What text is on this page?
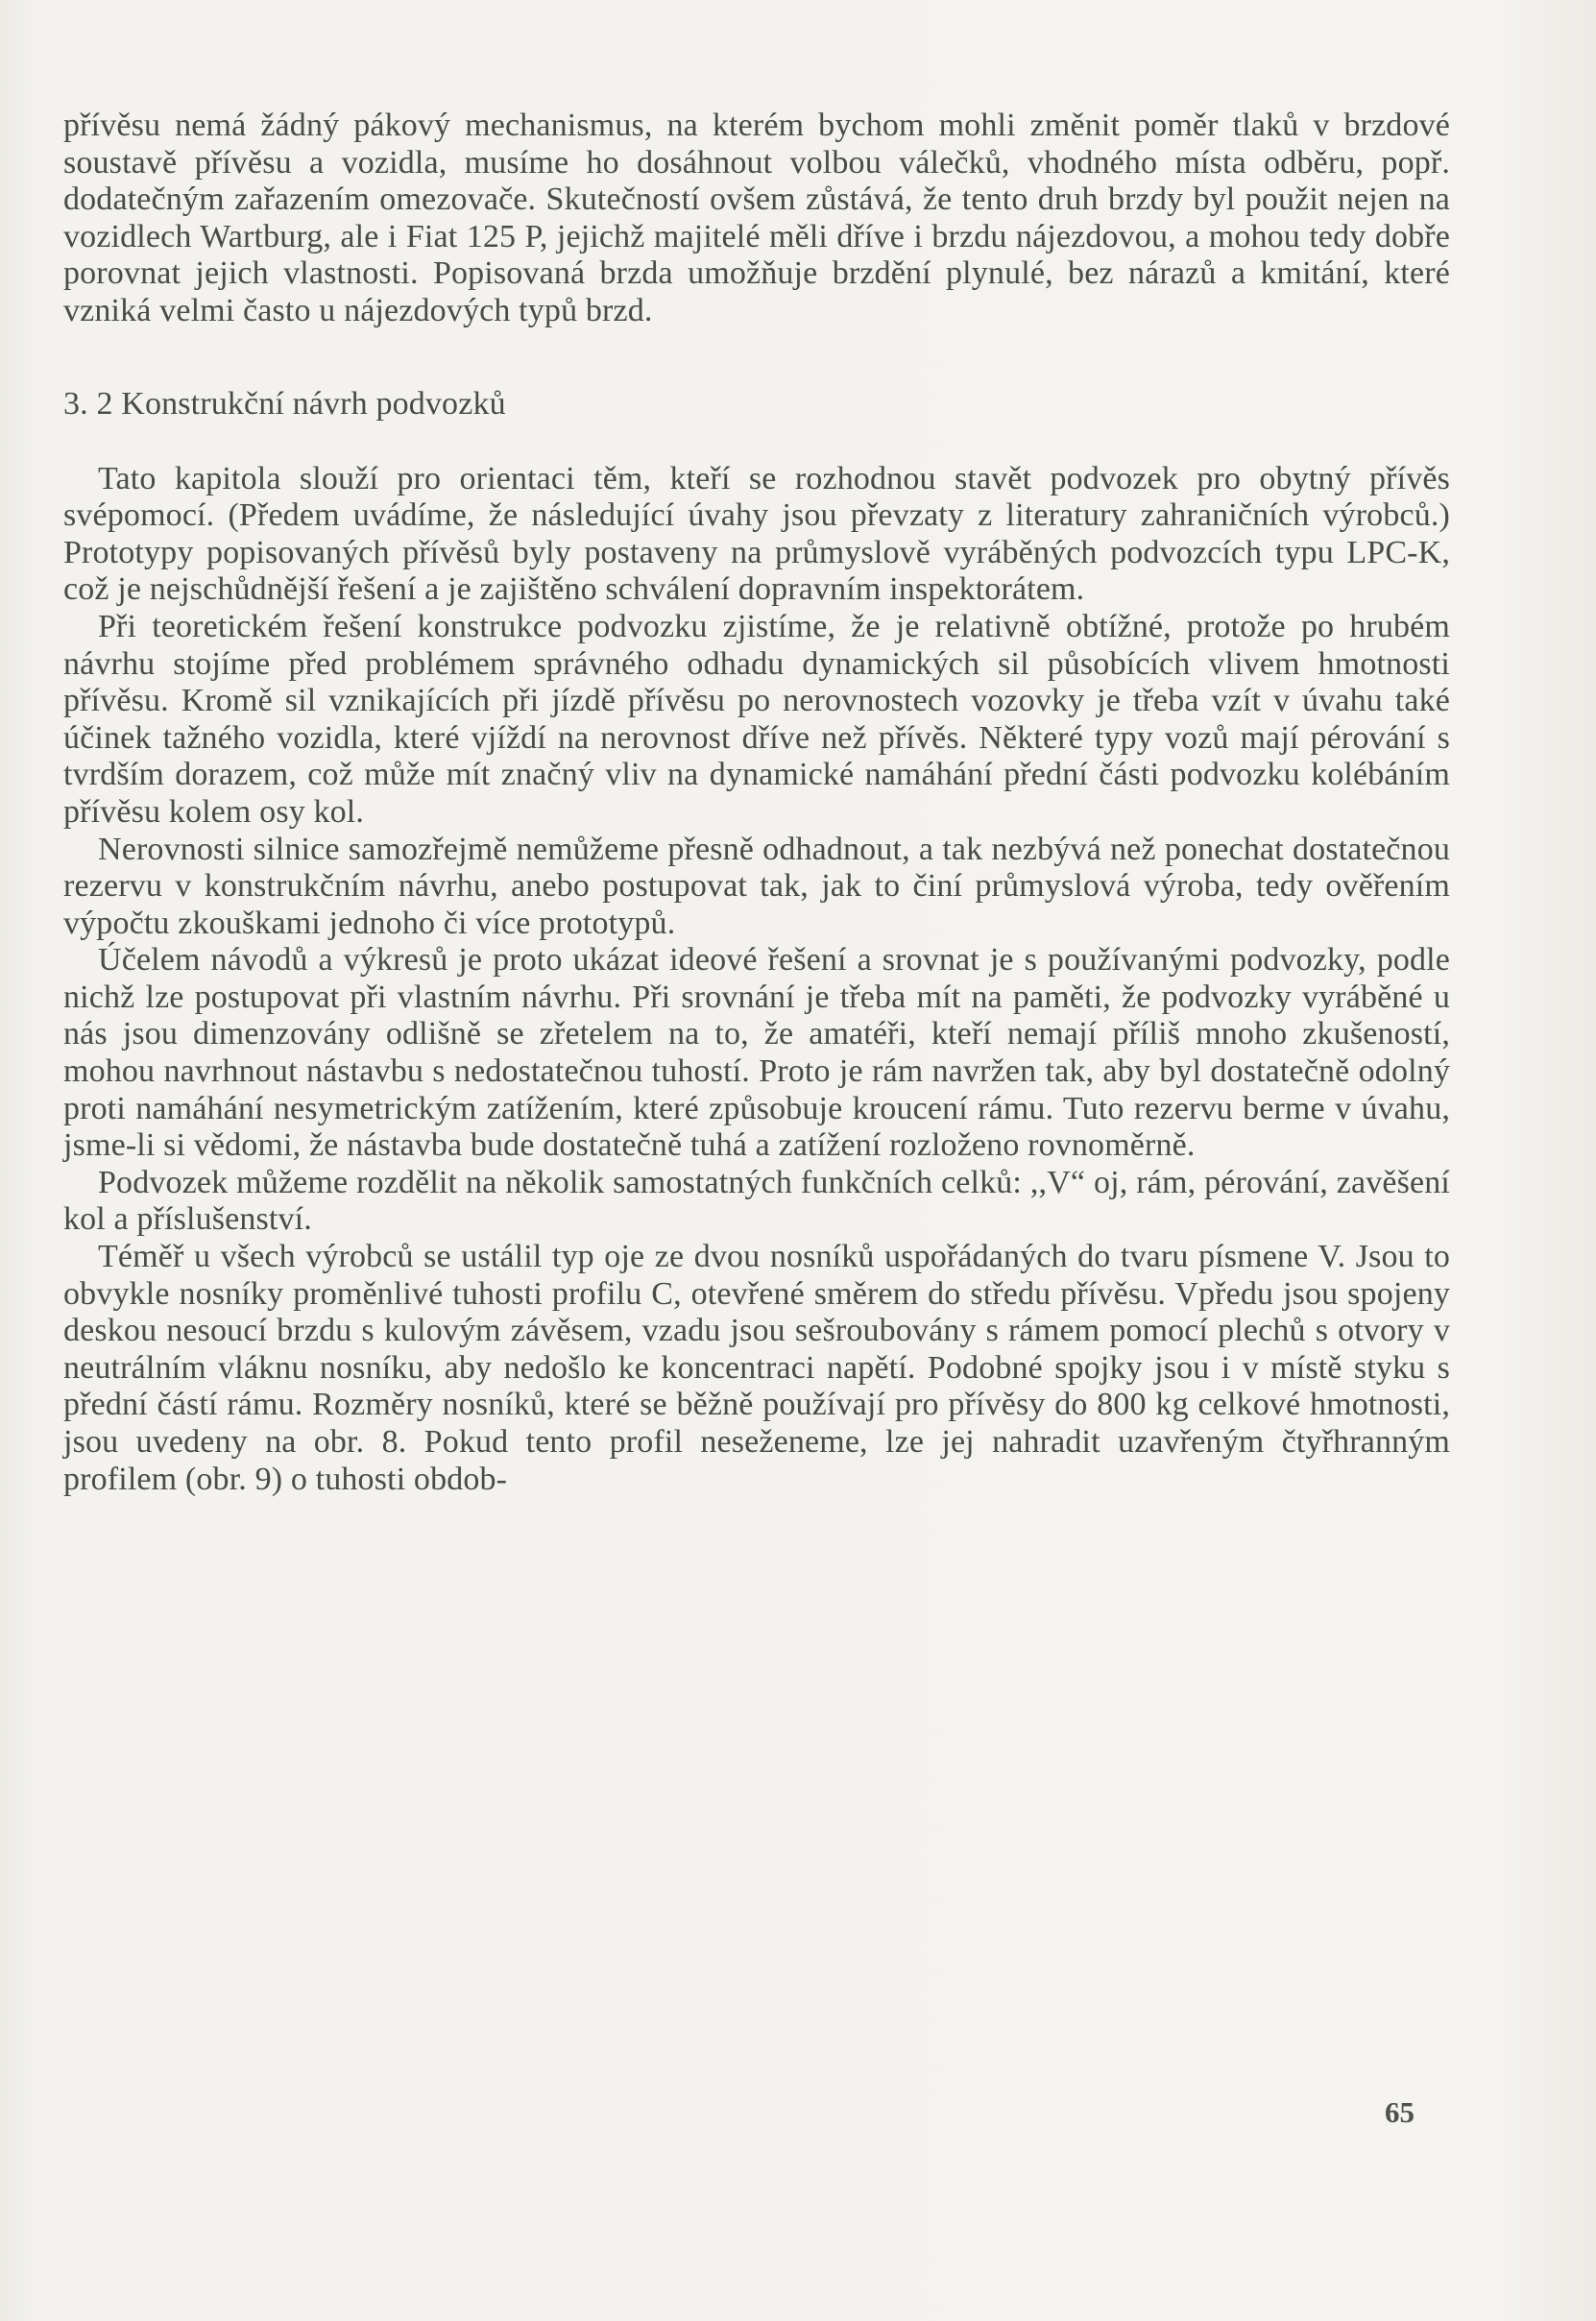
přívěsu nemá žádný pákový mechanismus, na kterém bychom mohli změnit poměr tlaků v brzdové soustavě přívěsu a vozidla, musíme ho dosáhnout volbou válečků, vhodného místa odběru, popř. dodatečným zařazením omezovače. Skutečností ovšem zůstává, že tento druh brzdy byl použit nejen na vozidlech Wartburg, ale i Fiat 125 P, jejichž majitelé měli dříve i brzdu nájezdovou, a mohou tedy dobře porovnat jejich vlastnosti. Popisovaná brzda umožňuje brzdění plynulé, bez nárazů a kmitání, které vzniká velmi často u nájezdových typů brzd.

3. 2 Konstrukční návrh podvozků

Tato kapitola slouží pro orientaci těm, kteří se rozhodnou stavět podvozek pro obytný přívěs svépomocí. (Předem uvádíme, že následující úvahy jsou převzaty z literatury zahraničních výrobců.) Prototypy popisovaných přívěsů byly postaveny na průmyslově vyráběných podvozcích typu LPC-K, což je nejschůdnější řešení a je zajištěno schválení dopravním inspektorátem.

Při teoretickém řešení konstrukce podvozku zjistíme, že je relativně obtížné, protože po hrubém návrhu stojíme před problémem správného odhadu dynamických sil působících vlivem hmotnosti přívěsu. Kromě sil vznikajících při jízdě přívěsu po nerovnostech vozovky je třeba vzít v úvahu také účinek tažného vozidla, které vjíždí na nerovnost dříve než přívěs. Některé typy vozů mají pérování s tvrdším dorazem, což může mít značný vliv na dynamické namáhání přední části podvozku kolébáním přívěsu kolem osy kol.

Nerovnosti silnice samozřejmě nemůžeme přesně odhadnout, a tak nezbývá než ponechat dostatečnou rezervu v konstrukčním návrhu, anebo postupovat tak, jak to činí průmyslová výroba, tedy ověřením výpočtu zkouškami jednoho či více prototypů.

Účelem návodů a výkresů je proto ukázat ideové řešení a srovnat je s používanými podvozky, podle nichž lze postupovat při vlastním návrhu. Při srovnání je třeba mít na paměti, že podvozky vyráběné u nás jsou dimenzovány odlišně se zřetelem na to, že amatéři, kteří nemají příliš mnoho zkušeností, mohou navrhnout nástavbu s nedostatečnou tuhostí. Proto je rám navržen tak, aby byl dostatečně odolný proti namáhání nesymetrickým zatížením, které způsobuje kroucení rámu. Tuto rezervu berme v úvahu, jsme-li si vědomi, že nástavba bude dostatečně tuhá a zatížení rozloženo rovnoměrně.

Podvozek můžeme rozdělit na několik samostatných funkčních celků: ,,V“ oj, rám, pérování, zavěšení kol a příslušenství.

Téměř u všech výrobců se ustálil typ oje ze dvou nosníků uspořádaných do tvaru písmene V. Jsou to obvykle nosníky proměnlivé tuhosti profilu C, otevřené směrem do středu přívěsu. Vpředu jsou spojeny deskou nesoucí brzdu s kulovým závěsem, vzadu jsou sešroubovány s rámem pomocí plechů s otvory v neutrálním vláknu nosníku, aby nedošlo ke koncentraci napětí. Podobné spojky jsou i v místě styku s přední částí rámu. Rozměry nosníků, které se běžně používají pro přívěsy do 800 kg celkové hmotnosti, jsou uvedeny na obr. 8. Pokud tento profil neseženeme, lze jej nahradit uzavřeným čtyřhranným profilem (obr. 9) o tuhosti obdob-

65
